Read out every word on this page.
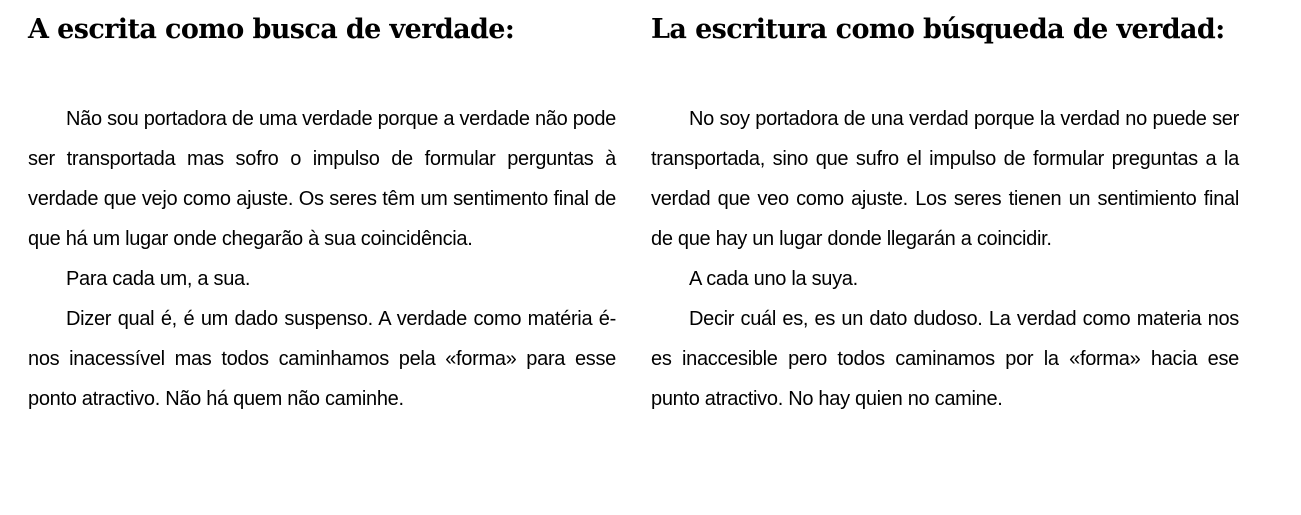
A escrita como busca de verdade:

Não sou portadora de uma verdade porque a verdade não pode ser transportada mas sofro o impulso de formular perguntas à verdade que vejo como ajuste. Os seres têm um sentimento final de que há um lugar onde chegarão à sua coincidência.

Para cada um, a sua.

Dizer qual é, é um dado suspenso. A verdade como matéria é-nos inacessível mas todos caminhamos pela «forma» para esse ponto atractivo. Não há quem não caminhe.

La escritura como búsqueda de verdad:

No soy portadora de una verdad porque la verdad no puede ser transportada, sino que sufro el impulso de formular preguntas a la verdad que veo como ajuste. Los seres tienen un sentimiento final de que hay un lugar donde llegarán a coincidir.

A cada uno la suya.

Decir cuál es, es un dato dudoso. La verdad como materia nos es inaccesible pero todos caminamos por la «forma» hacia ese punto atractivo. No hay quien no camine.
